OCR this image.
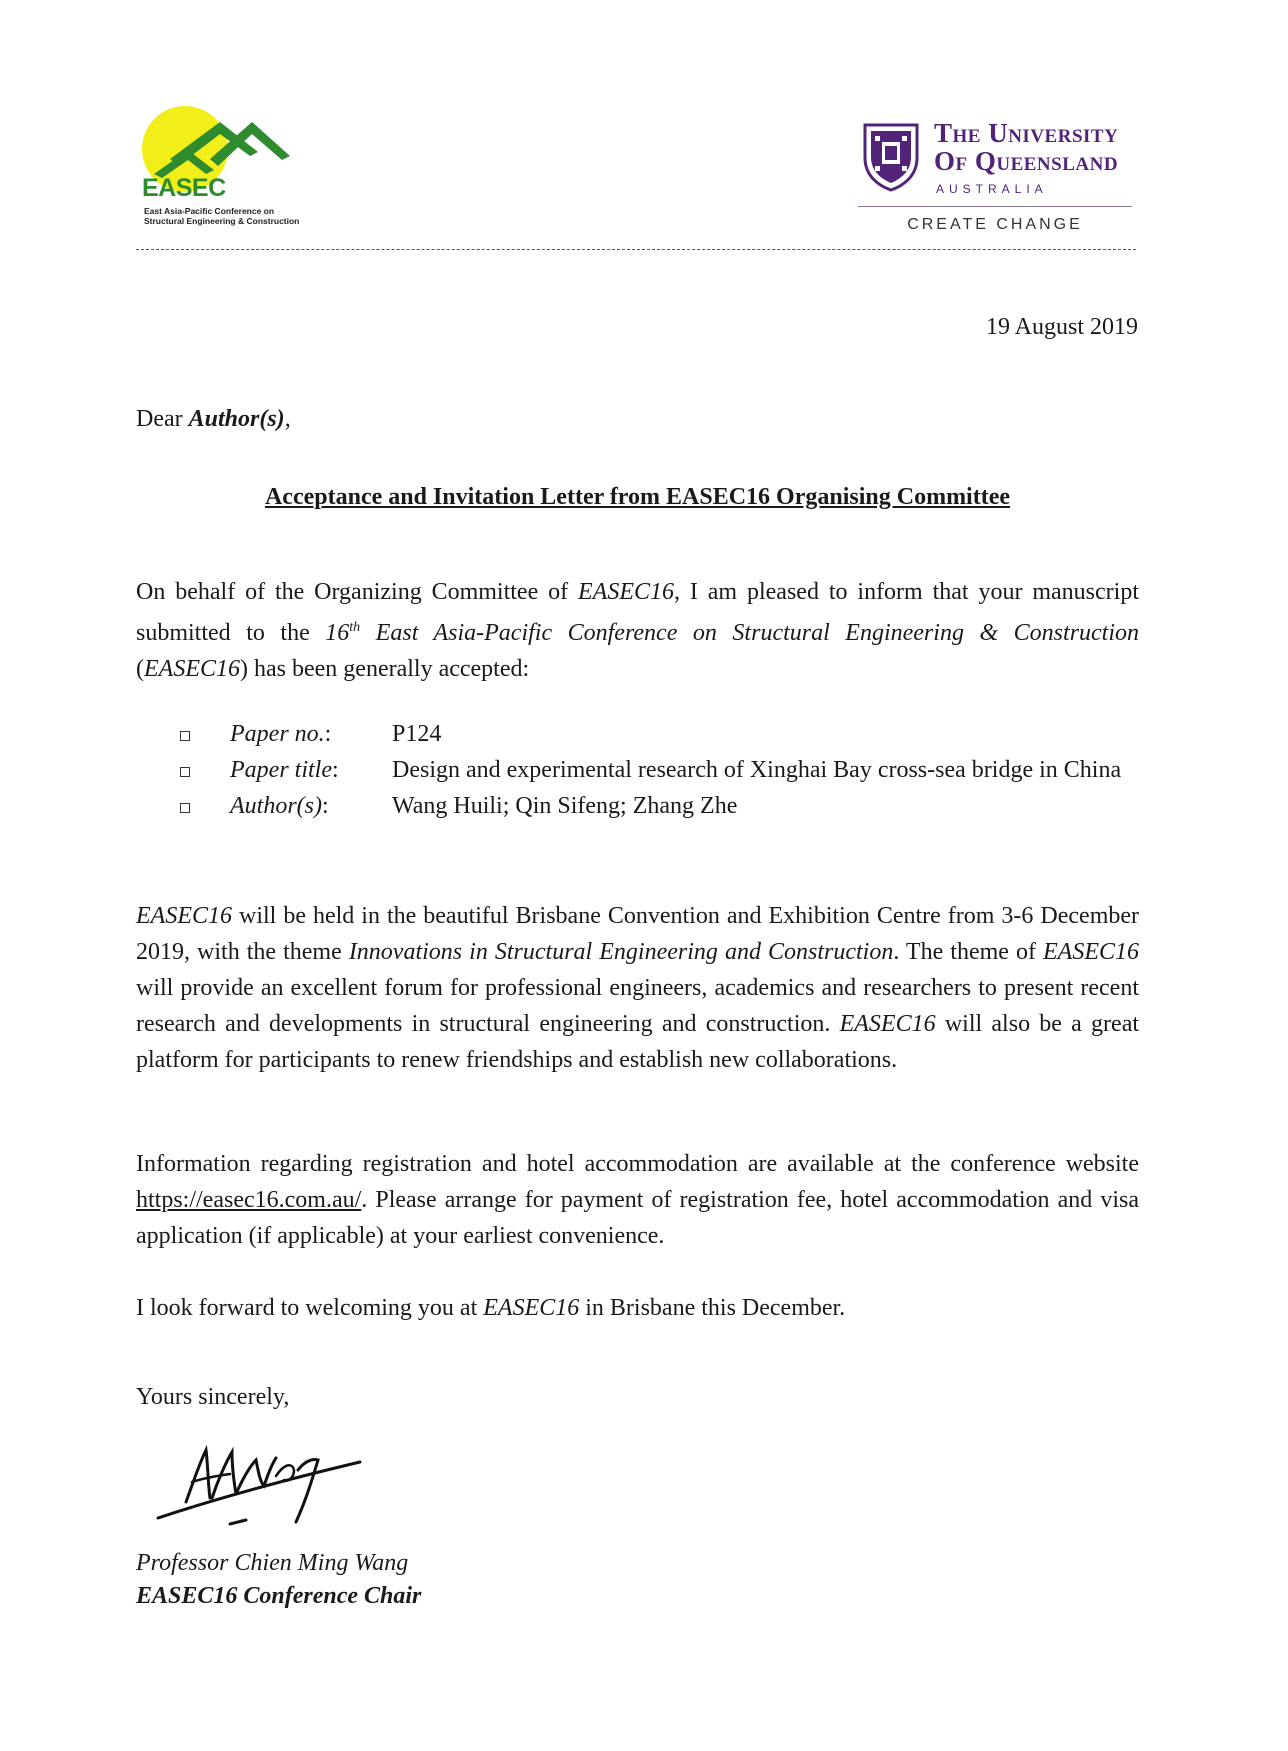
EASEC
East Asia-Pacific Conference on Structural Engineering & Construction
The University
Of Queensland
AUSTRALIA
CREATE CHANGE
19 August 2019
Dear Author(s),
Acceptance and Invitation Letter from EASEC16 Organising Committee
On behalf of the Organizing Committee of EASEC16, I am pleased to inform that your manuscript submitted to the 16th East Asia-Pacific Conference on Structural Engineering & Construction (EASEC16) has been generally accepted:
Paper no.:	P124
Paper title:	Design and experimental research of Xinghai Bay cross-sea bridge in China
Author(s):	Wang Huili; Qin Sifeng; Zhang Zhe
EASEC16 will be held in the beautiful Brisbane Convention and Exhibition Centre from 3-6 December 2019, with the theme Innovations in Structural Engineering and Construction. The theme of EASEC16 will provide an excellent forum for professional engineers, academics and researchers to present recent research and developments in structural engineering and construction. EASEC16 will also be a great platform for participants to renew friendships and establish new collaborations.
Information regarding registration and hotel accommodation are available at the conference website https://easec16.com.au/. Please arrange for payment of registration fee, hotel accommodation and visa application (if applicable) at your earliest convenience.
I look forward to welcoming you at EASEC16 in Brisbane this December.
Yours sincerely,
Professor Chien Ming Wang
EASEC16 Conference Chair
